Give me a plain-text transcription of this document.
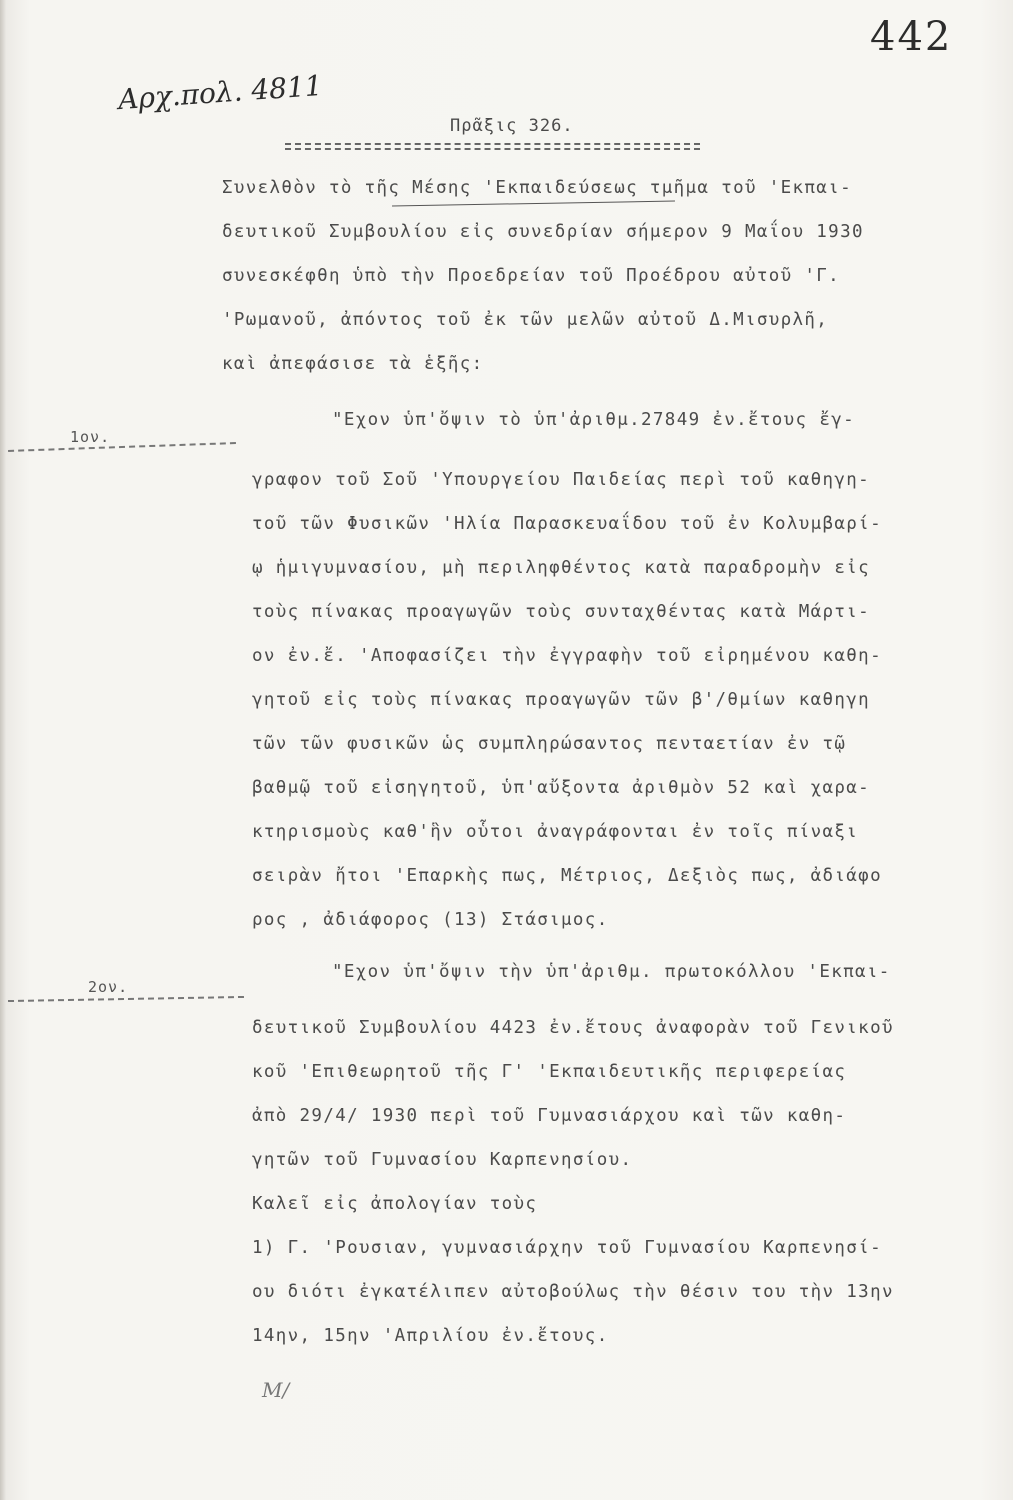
442
Αρχ.πολ. 4811
Πρᾶξις 326.
Συνελθὸν τὸ τῆς Μέσης 'Εκπαιδεύσεως τμῆμα τοῦ 'Εκπαι-
δευτικοῦ Συμβουλίου εἰς συνεδρίαν σήμερον 9 Μαΐου 1930
συνεσκέφθη ὑπὸ τὴν Προεδρείαν τοῦ Προέδρου αὐτοῦ 'Γ.
'Ρωμανοῦ, ἀπόντος τοῦ ἐκ τῶν μελῶν αὐτοῦ Δ.Μισυρλῆ,
καὶ ἀπεφάσισε τὰ ἑξῆς:
1ον.
"Εχον ὑπ'ὄψιν τὸ ὑπ'ἀριθμ.27849 ἐν.ἔτους ἔγ-
γραφον τοῦ Σοῦ 'Υπουργείου Παιδείας περὶ τοῦ καθηγη-
τοῦ τῶν Φυσικῶν 'Ηλία Παρασκευαΐδου τοῦ ἐν Κολυμβαρί-
ῳ ἡμιγυμνασίου, μὴ περιληφθέντος κατὰ παραδρομὴν εἰς
τοὺς πίνακας προαγωγῶν τοὺς συνταχθέντας κατὰ Μάρτι-
ον ἐν.ἔ. 'Αποφασίζει τὴν ἐγγραφὴν τοῦ εἰρημένου καθη-
γητοῦ εἰς τοὺς πίνακας προαγωγῶν τῶν β'/θμίων καθηγη
τῶν τῶν φυσικῶν ὡς συμπληρώσαντος πενταετίαν ἐν τῷ
βαθμῷ τοῦ εἰσηγητοῦ, ὑπ'αὔξοντα ἀριθμὸν 52 καὶ χαρα-
κτηρισμοὺς καθ'ἣν οὗτοι ἀναγράφονται ἐν τοῖς πίναξι
σειρὰν ἤτοι 'Επαρκὴς πως, Μέτριος, Δεξιὸς πως, ἀδιάφο
ρος , ἀδιάφορος (13) Στάσιμος.
2ον.
"Εχον ὑπ'ὄψιν τὴν ὑπ'ἀριθμ. πρωτοκόλλου 'Εκπαι-
δευτικοῦ Συμβουλίου 4423 ἐν.ἔτους ἀναφορὰν τοῦ Γενικοῦ
κοῦ 'Επιθεωρητοῦ τῆς Γ' 'Εκπαιδευτικῆς περιφερείας
ἀπὸ 29/4/ 1930 περὶ τοῦ Γυμνασιάρχου καὶ τῶν καθη-
γητῶν τοῦ Γυμνασίου Καρπενησίου.
Καλεῖ εἰς ἀπολογίαν τοὺς
1) Γ. 'Ρουσιαν, γυμνασιάρχην τοῦ Γυμνασίου Καρπενησί-
ου διότι ἐγκατέλιπεν αὐτοβούλως τὴν θέσιν του τὴν 13ην
14ην, 15ην 'Απριλίου ἐν.ἔτους.
Μ/
